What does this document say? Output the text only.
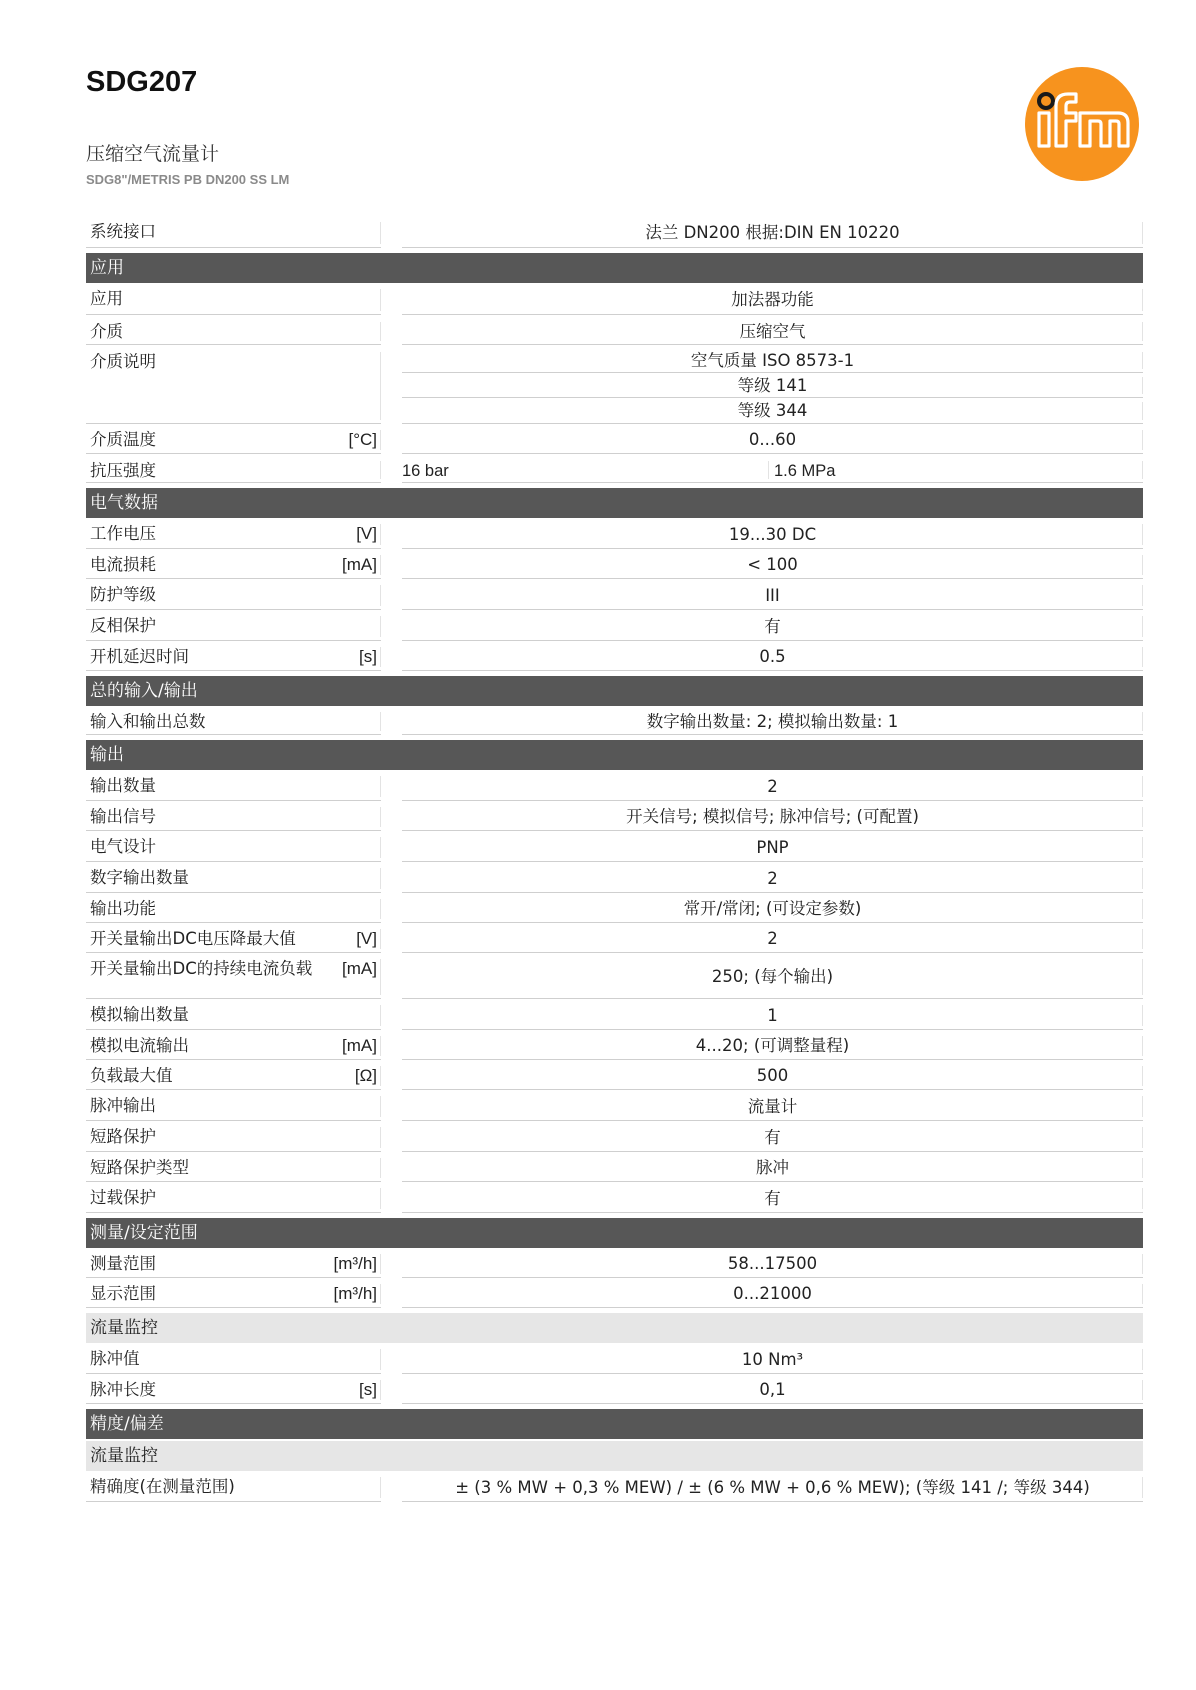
SDG207
压缩空气流量计
SDG8"/METRIS PB DN200 SS LM	ifm
系统接口	法兰 DN200 根据:DIN EN 10220
应用
应用	加法器功能
介质	压缩空气
介质说明	空气质量 ISO 8573-1
等级 141
等级 344
介质温度	[°C]	0...60
抗压强度	16 bar	1.6 MPa
电气数据
工作电压	[V]	19...30 DC
电流损耗	[mA]	< 100
防护等级	III
反相保护	有
开机延迟时间	[s]	0.5
总的输入/输出
输入和输出总数	数字输出数量: 2; 模拟输出数量: 1
输出
输出数量	2
输出信号	开关信号; 模拟信号; 脉冲信号; (可配置)
电气设计	PNP
数字输出数量	2
输出功能	常开/常闭; (可设定参数)
开关量输出DC电压降最大值	[V]	2
开关量输出DC的持续电流负载 [mA]	250; (每个输出)
模拟输出数量	1
模拟电流输出	[mA]	4...20; (可调整量程)
负载最大值	[Ω]	500
脉冲输出	流量计
短路保护	有
短路保护类型	脉冲
过载保护	有
测量/设定范围
测量范围	[m³/h]	58...17500
显示范围	[m³/h]	0...21000
流量监控
脉冲值	10 Nm³
脉冲长度	[s]	0,1
精度/偏差
流量监控
精确度(在测量范围)	± (3 % MW + 0,3 % MEW) / ± (6 % MW + 0,6 % MEW); (等级 141 /; 等级 344)
